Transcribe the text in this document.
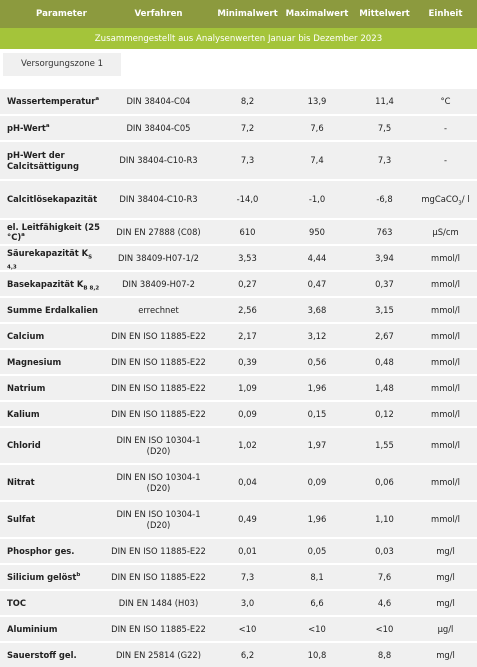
Parameter	Verfahren	Minimalwert	Maximalwert	Mittelwert	Einheit
Zusammengestellt aus Analysenwerten Januar bis Dezember 2023					
Versorgungszone 1					

Wassertemperatur$^a$	DIN 38404-C04	8,2	13,9	11,4	°C
pH-Wert$^a$	DIN 38404-C05	7,2	7,6	7,5	-
pH-Wert der Calcitsättigung	DIN 38404-C10-R3	7,3	7,4	7,3	-
Calcitlösekapazität	DIN 38404-C10-R3	-14,0	-1,0	-6,8	mgCaCO$_3$/ l
el. Leitfähigkeit (25 °C)$^a$	DIN EN 27888 (C08)	610	950	763	µS/cm
Säurekapazität $K_{S 4,3}$	DIN 38409-H07-1/2	3,53	4,44	3,94	mmol/l
Basekapazität $K_{B 8,2}$	DIN 38409-H07-2	0,27	0,47	0,37	mmol/l
Summe Erdalkalien	errechnet	2,56	3,68	3,15	mmol/l
Calcium	DIN EN ISO 11885-E22	2,17	3,12	2,67	mmol/l
Magnesium	DIN EN ISO 11885-E22	0,39	0,56	0,48	mmol/l
Natrium	DIN EN ISO 11885-E22	1,09	1,96	1,48	mmol/l
Kalium	DIN EN ISO 11885-E22	0,09	0,15	0,12	mmol/l
Chlorid	DIN EN ISO 10304-1 (D20)	1,02	1,97	1,55	mmol/l
Nitrat	DIN EN ISO 10304-1 (D20)	0,04	0,09	0,06	mmol/l
Sulfat	DIN EN ISO 10304-1 (D20)	0,49	1,96	1,10	mmol/l
Phosphor ges.	DIN EN ISO 11885-E22	0,01	0,05	0,03	mg/l
Silicium gelöst$^b$	DIN EN ISO 11885-E22	7,3	8,1	7,6	mg/l
TOC	DIN EN 1484 (H03)	3,0	6,6	4,6	mg/l
Aluminium	DIN EN ISO 11885-E22	<10	<10	<10	µg/l
Sauerstoff gel.	DIN EN 25814 (G22)	6,2	10,8	8,8	mg/l
